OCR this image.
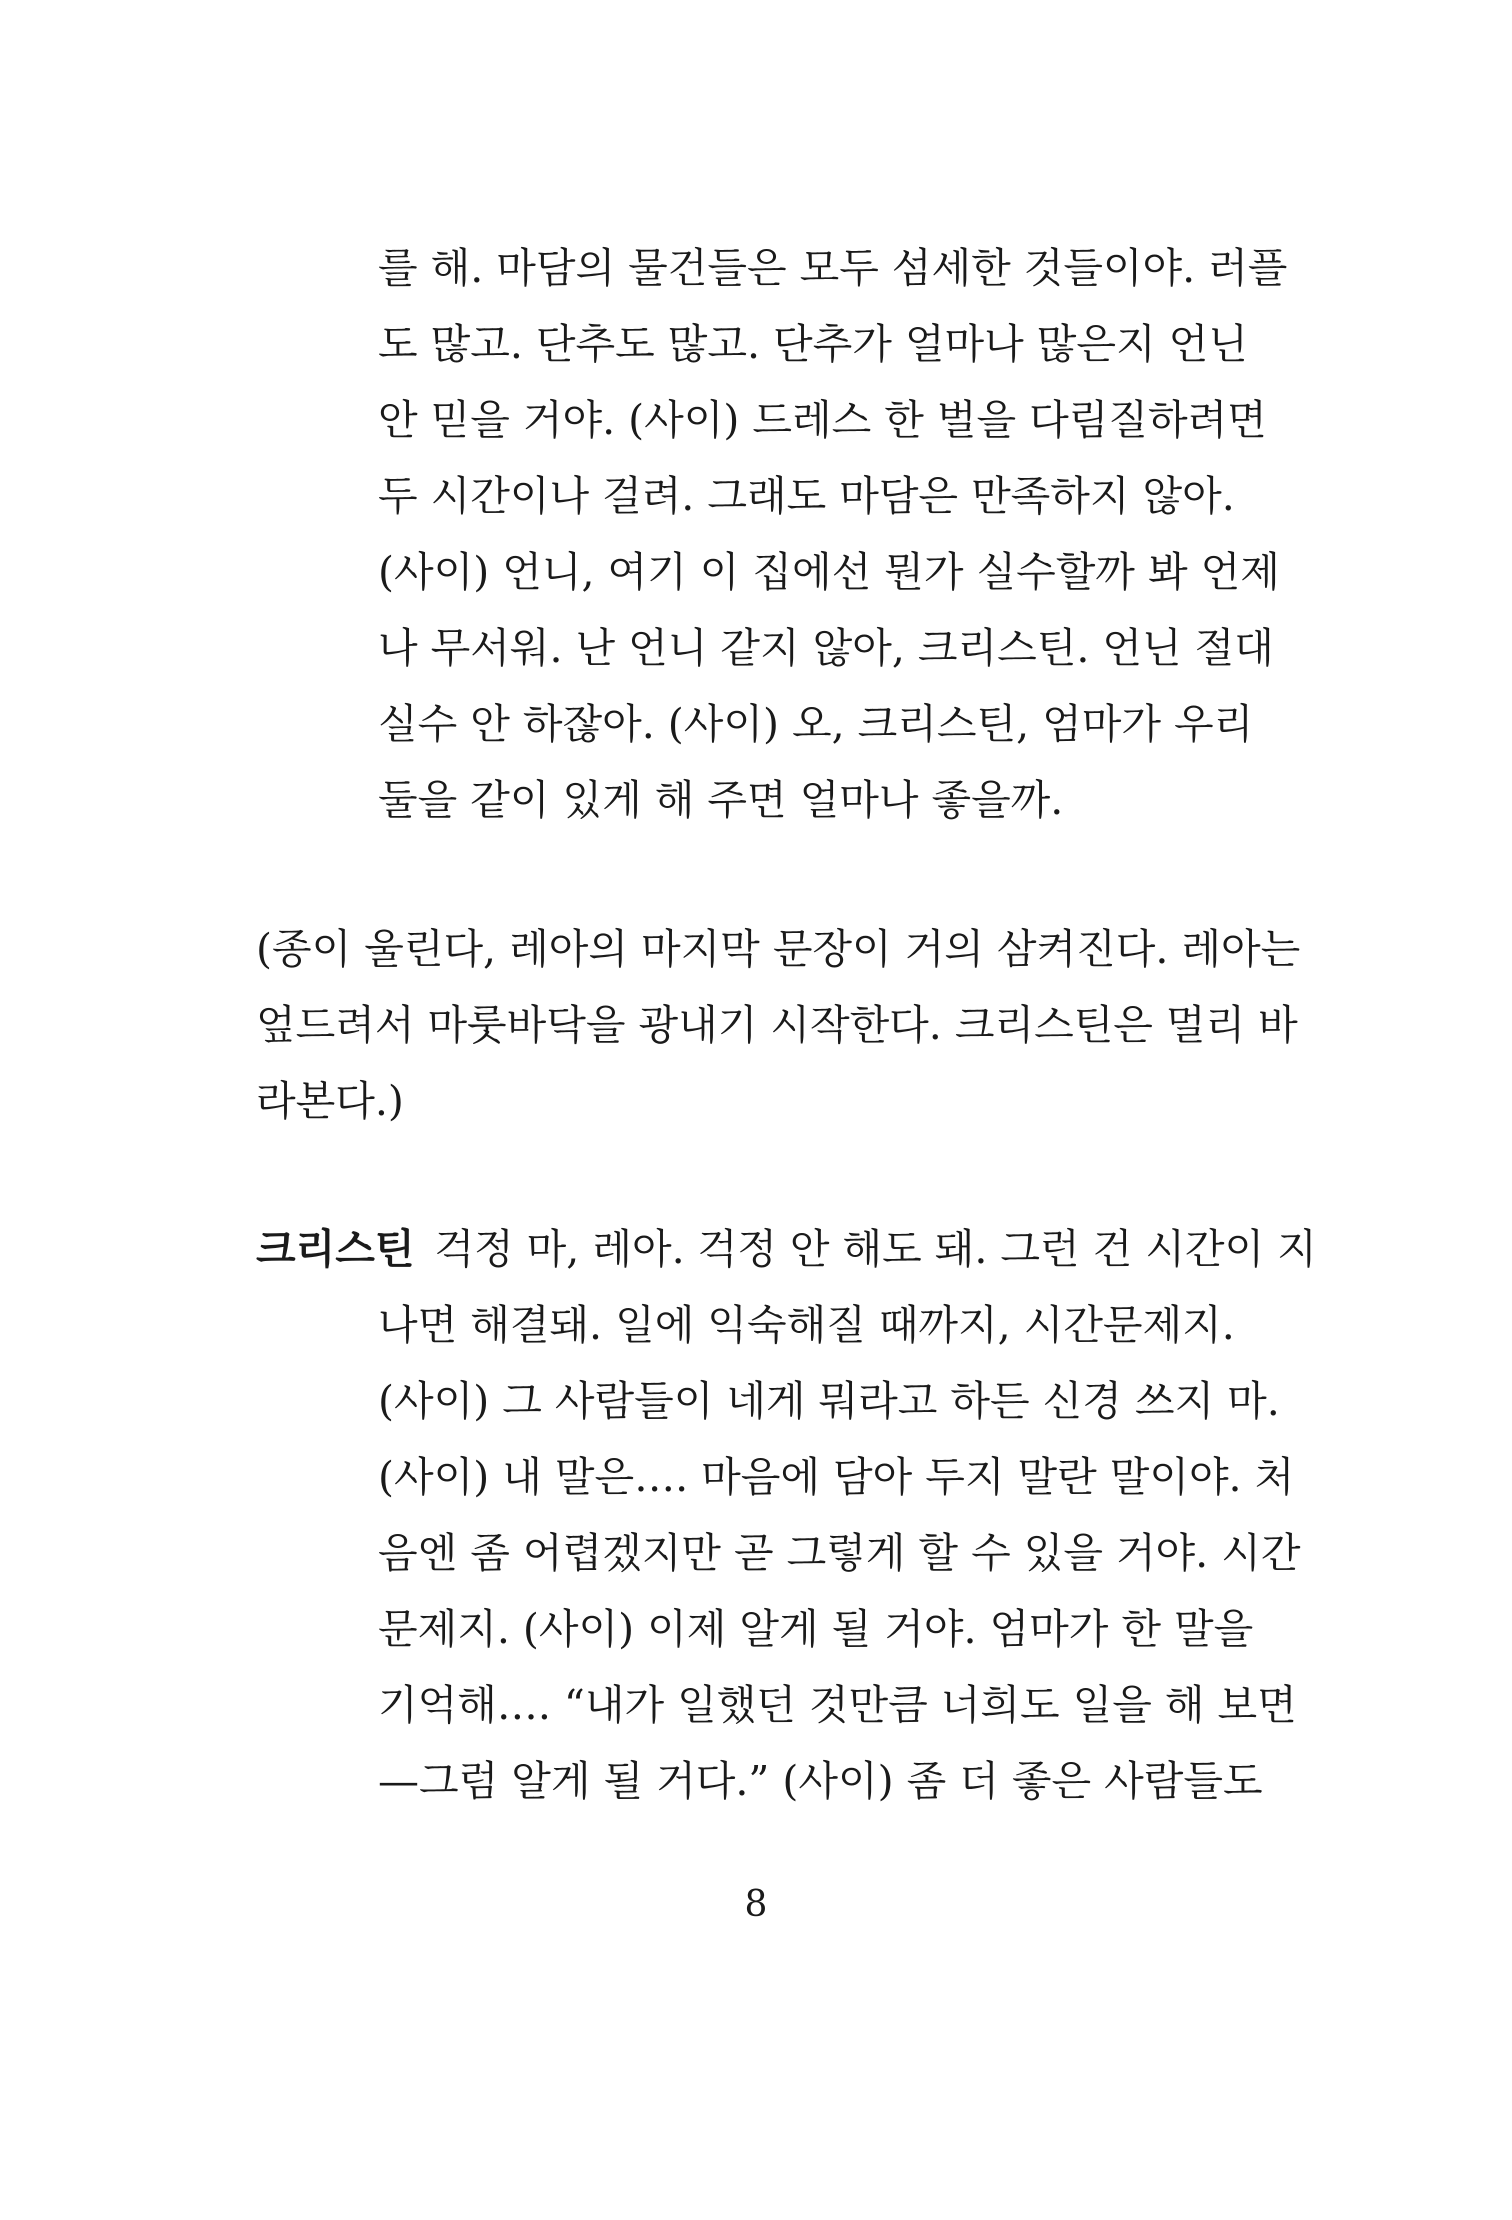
를 해. 마담의 물건들은 모두 섬세한 것들이야. 러플
도 많고. 단추도 많고. 단추가 얼마나 많은지 언닌
안 믿을 거야. (사이) 드레스 한 벌을 다림질하려면
두 시간이나 걸려. 그래도 마담은 만족하지 않아.
(사이) 언니, 여기 이 집에선 뭔가 실수할까 봐 언제
나 무서워. 난 언니 같지 않아, 크리스틴. 언닌 절대
실수 안 하잖아. (사이) 오, 크리스틴, 엄마가 우리
둘을 같이 있게 해 주면 얼마나 좋을까.
(종이 울린다, 레아의 마지막 문장이 거의 삼켜진다. 레아는
엎드려서 마룻바닥을 광내기 시작한다. 크리스틴은 멀리 바
라본다.)
크리스틴 걱정 마, 레아. 걱정 안 해도 돼. 그런 건 시간이 지
나면 해결돼. 일에 익숙해질 때까지, 시간문제지.
(사이) 그 사람들이 네게 뭐라고 하든 신경 쓰지 마.
(사이) 내 말은…. 마음에 담아 두지 말란 말이야. 처
음엔 좀 어렵겠지만 곧 그렇게 할 수 있을 거야. 시간
문제지. (사이) 이제 알게 될 거야. 엄마가 한 말을
기억해…. “내가 일했던 것만큼 너희도 일을 해 보면
—그럼 알게 될 거다.” (사이) 좀 더 좋은 사람들도
8
